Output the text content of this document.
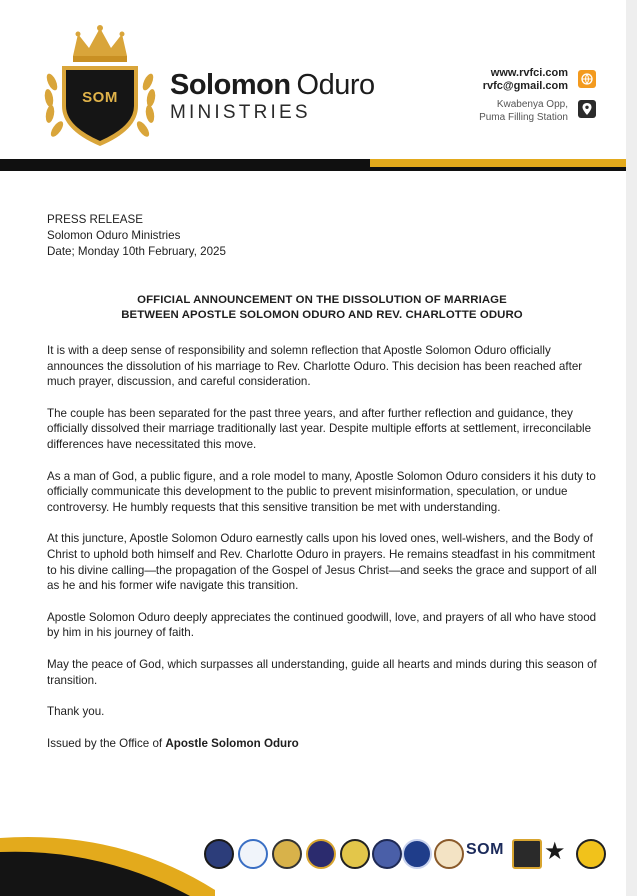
SOM	Solomon Oduro
MINISTRIES
www.rvfci.com
rvfc@gmail.com
Kwabenya Opp,
Puma Filling Station
PRESS RELEASE
Solomon Oduro Ministries
Date; Monday 10th February, 2025
OFFICIAL ANNOUNCEMENT ON THE DISSOLUTION OF MARRIAGE
BETWEEN APOSTLE SOLOMON ODURO AND REV. CHARLOTTE ODURO

It is with a deep sense of responsibility and solemn reflection that Apostle Solomon Oduro officially announces the dissolution of his marriage to Rev. Charlotte Oduro. This decision has been reached after much prayer, discussion, and careful consideration.

The couple has been separated for the past three years, and after further reflection and guidance, they officially dissolved their marriage traditionally last year. Despite multiple efforts at settlement, irreconcilable differences have necessitated this move.

As a man of God, a public figure, and a role model to many, Apostle Solomon Oduro considers it his duty to officially communicate this development to the public to prevent misinformation, speculation, or undue controversy. He humbly requests that this sensitive transition be met with understanding.

At this juncture, Apostle Solomon Oduro earnestly calls upon his loved ones, well-wishers, and the Body of Christ to uphold both himself and Rev. Charlotte Oduro in prayers. He remains steadfast in his commitment to his divine calling—the propagation of the Gospel of Jesus Christ—and seeks the grace and support of all as he and his former wife navigate this transition.

Apostle Solomon Oduro deeply appreciates the continued goodwill, love, and prayers of all who have stood by him in his journey of faith.

May the peace of God, which surpasses all understanding, guide all hearts and minds during this season of transition.

Thank you.

Issued by the Office of Apostle Solomon Oduro

SOM ★
